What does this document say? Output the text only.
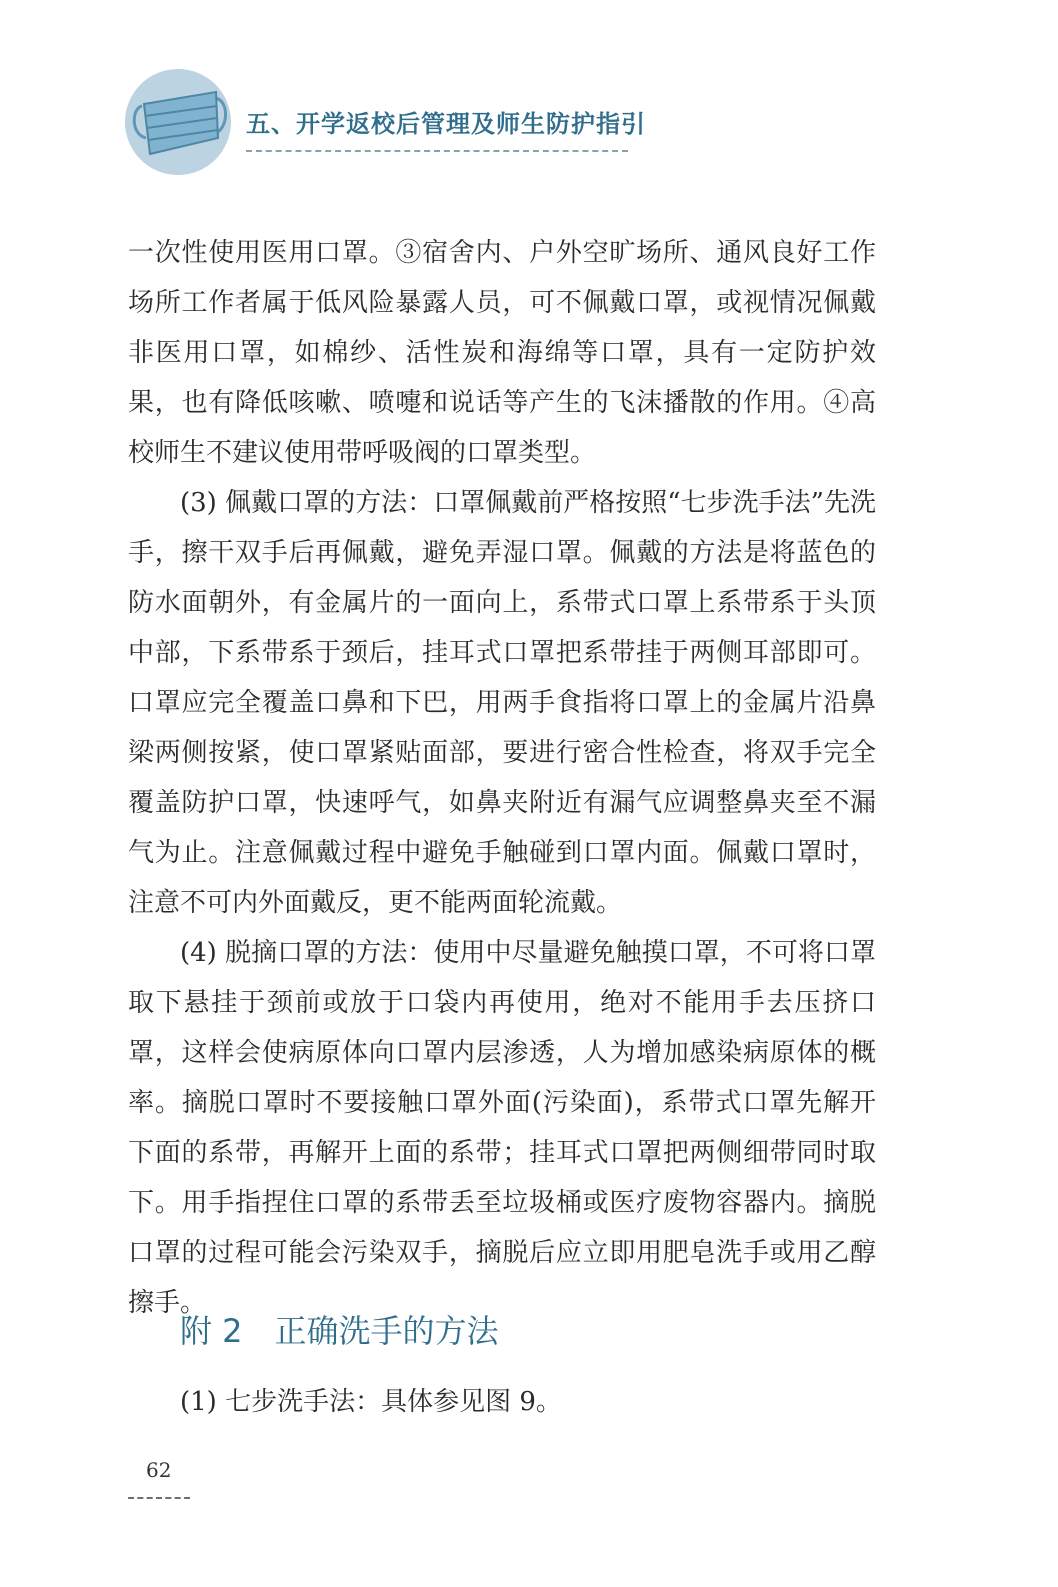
五、开学返校后管理及师生防护指引

一次性使用医用口罩。③宿舍内、户外空旷场所、通风良好工作场所工作者属于低风险暴露人员，可不佩戴口罩，或视情况佩戴非医用口罩，如棉纱、活性炭和海绵等口罩，具有一定防护效果，也有降低咳嗽、喷嚏和说话等产生的飞沫播散的作用。④高校师生不建议使用带呼吸阀的口罩类型。

(3) 佩戴口罩的方法：口罩佩戴前严格按照“七步洗手法”先洗手，擦干双手后再佩戴，避免弄湿口罩。佩戴的方法是将蓝色的防水面朝外，有金属片的一面向上，系带式口罩上系带系于头顶中部，下系带系于颈后，挂耳式口罩把系带挂于两侧耳部即可。口罩应完全覆盖口鼻和下巴，用两手食指将口罩上的金属片沿鼻梁两侧按紧，使口罩紧贴面部，要进行密合性检查，将双手完全覆盖防护口罩，快速呼气，如鼻夹附近有漏气应调整鼻夹至不漏气为止。注意佩戴过程中避免手触碰到口罩内面。佩戴口罩时，注意不可内外面戴反，更不能两面轮流戴。

(4) 脱摘口罩的方法：使用中尽量避免触摸口罩，不可将口罩取下悬挂于颈前或放于口袋内再使用，绝对不能用手去压挤口罩，这样会使病原体向口罩内层渗透，人为增加感染病原体的概率。摘脱口罩时不要接触口罩外面(污染面)，系带式口罩先解开下面的系带，再解开上面的系带；挂耳式口罩把两侧细带同时取下。用手指捏住口罩的系带丢至垃圾桶或医疗废物容器内。摘脱口罩的过程可能会污染双手，摘脱后应立即用肥皂洗手或用乙醇擦手。

附 2 正确洗手的方法
(1) 七步洗手法：具体参见图 9。
62
